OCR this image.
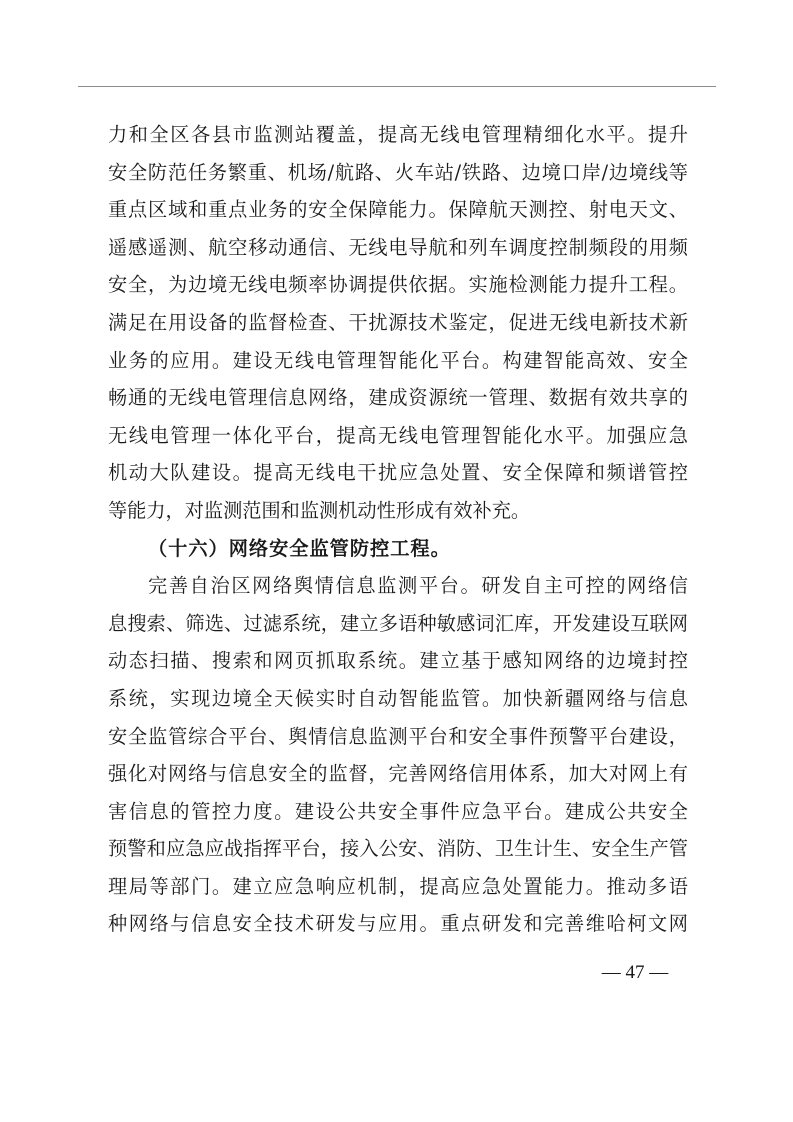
力和全区各县市监测站覆盖，提高无线电管理精细化水平。提升
安全防范任务繁重、机场/航路、火车站/铁路、边境口岸/边境线等
重点区域和重点业务的安全保障能力。保障航天测控、射电天文、
遥感遥测、航空移动通信、无线电导航和列车调度控制频段的用频
安全，为边境无线电频率协调提供依据。实施检测能力提升工程。
满足在用设备的监督检查、干扰源技术鉴定，促进无线电新技术新
业务的应用。建设无线电管理智能化平台。构建智能高效、安全
畅通的无线电管理信息网络，建成资源统一管理、数据有效共享的
无线电管理一体化平台，提高无线电管理智能化水平。加强应急
机动大队建设。提高无线电干扰应急处置、安全保障和频谱管控
等能力，对监测范围和监测机动性形成有效补充。
（十六）网络安全监管防控工程。
完善自治区网络舆情信息监测平台。研发自主可控的网络信
息搜索、筛选、过滤系统，建立多语种敏感词汇库，开发建设互联网
动态扫描、搜索和网页抓取系统。建立基于感知网络的边境封控
系统，实现边境全天候实时自动智能监管。加快新疆网络与信息
安全监管综合平台、舆情信息监测平台和安全事件预警平台建设，
强化对网络与信息安全的监督，完善网络信用体系，加大对网上有
害信息的管控力度。建设公共安全事件应急平台。建成公共安全
预警和应急应战指挥平台，接入公安、消防、卫生计生、安全生产管
理局等部门。建立应急响应机制，提高应急处置能力。推动多语
种网络与信息安全技术研发与应用。重点研发和完善维哈柯文网
— 47 —
